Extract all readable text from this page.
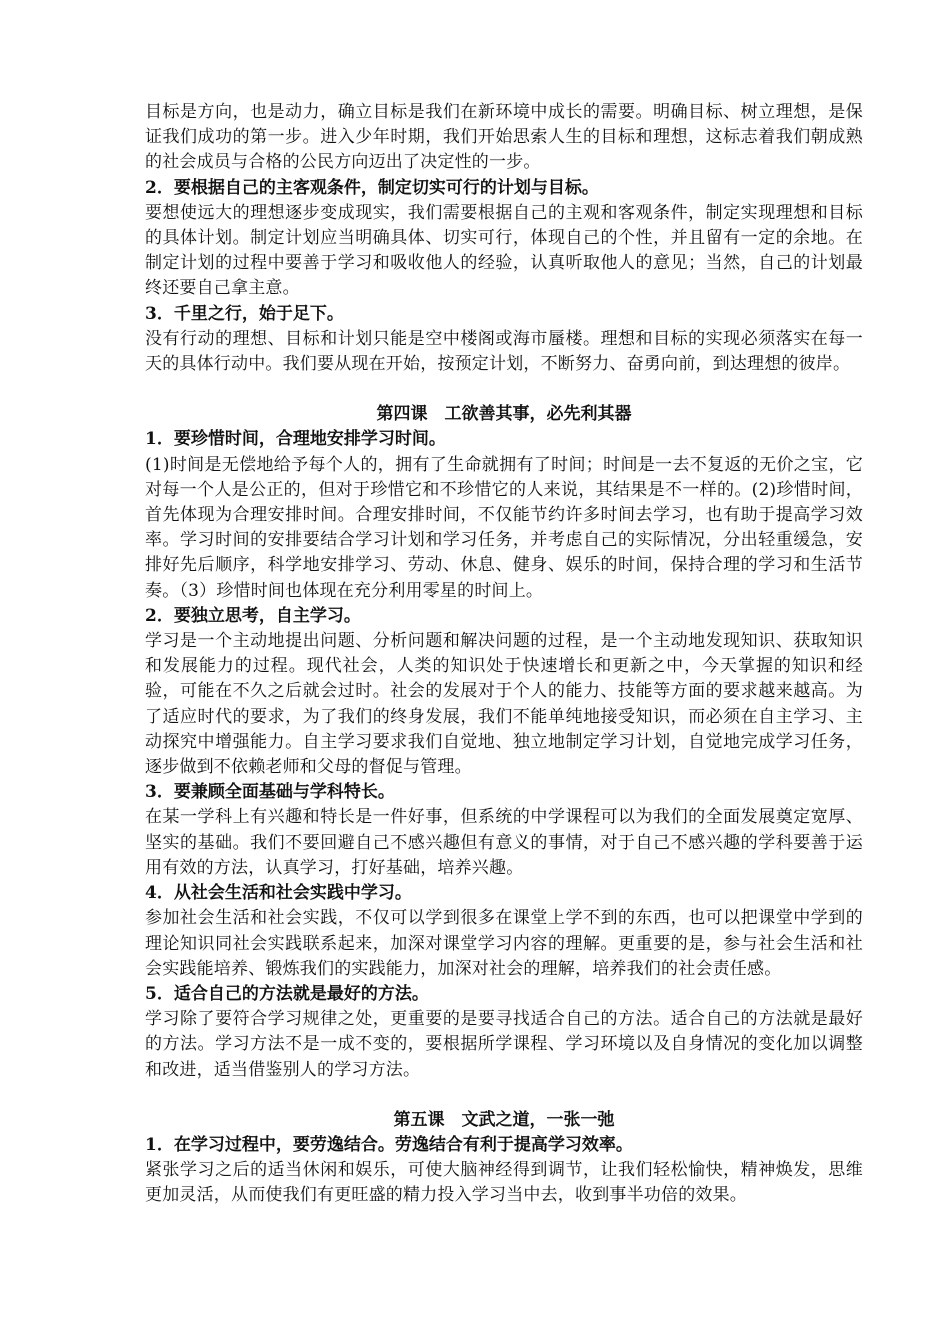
目标是方向，也是动力，确立目标是我们在新环境中成长的需要。明确目标、树立理想，是保证我们成功的第一步。进入少年时期，我们开始思索人生的目标和理想，这标志着我们朝成熟的社会成员与合格的公民方向迈出了决定性的一步。

2．要根据自己的主客观条件，制定切实可行的计划与目标。

要想使远大的理想逐步变成现实，我们需要根据自己的主观和客观条件，制定实现理想和目标的具体计划。制定计划应当明确具体、切实可行，体现自己的个性，并且留有一定的余地。在制定计划的过程中要善于学习和吸收他人的经验，认真听取他人的意见；当然，自己的计划最终还要自己拿主意。

3．千里之行，始于足下。

没有行动的理想、目标和计划只能是空中楼阁或海市蜃楼。理想和目标的实现必须落实在每一天的具体行动中。我们要从现在开始，按预定计划，不断努力、奋勇向前，到达理想的彼岸。

第四课　工欲善其事，必先利其器

1．要珍惜时间，合理地安排学习时间。

(1)时间是无偿地给予每个人的，拥有了生命就拥有了时间；时间是一去不复返的无价之宝，它对每一个人是公正的，但对于珍惜它和不珍惜它的人来说，其结果是不一样的。(2)珍惜时间，首先体现为合理安排时间。合理安排时间，不仅能节约许多时间去学习，也有助于提高学习效率。学习时间的安排要结合学习计划和学习任务，并考虑自己的实际情况，分出轻重缓急，安排好先后顺序，科学地安排学习、劳动、休息、健身、娱乐的时间，保持合理的学习和生活节奏。（3）珍惜时间也体现在充分利用零星的时间上。

2．要独立思考，自主学习。

学习是一个主动地提出问题、分析问题和解决问题的过程，是一个主动地发现知识、获取知识和发展能力的过程。现代社会，人类的知识处于快速增长和更新之中，今天掌握的知识和经验，可能在不久之后就会过时。社会的发展对于个人的能力、技能等方面的要求越来越高。为了适应时代的要求，为了我们的终身发展，我们不能单纯地接受知识，而必须在自主学习、主动探究中增强能力。自主学习要求我们自觉地、独立地制定学习计划，自觉地完成学习任务，逐步做到不依赖老师和父母的督促与管理。

3．要兼顾全面基础与学科特长。

在某一学科上有兴趣和特长是一件好事，但系统的中学课程可以为我们的全面发展奠定宽厚、坚实的基础。我们不要回避自己不感兴趣但有意义的事情，对于自己不感兴趣的学科要善于运用有效的方法，认真学习，打好基础，培养兴趣。

4．从社会生活和社会实践中学习。

参加社会生活和社会实践，不仅可以学到很多在课堂上学不到的东西，也可以把课堂中学到的理论知识同社会实践联系起来，加深对课堂学习内容的理解。更重要的是，参与社会生活和社会实践能培养、锻炼我们的实践能力，加深对社会的理解，培养我们的社会责任感。

5．适合自己的方法就是最好的方法。

学习除了要符合学习规律之处，更重要的是要寻找适合自己的方法。适合自己的方法就是最好的方法。学习方法不是一成不变的，要根据所学课程、学习环境以及自身情况的变化加以调整和改进，适当借鉴别人的学习方法。

第五课　文武之道，一张一弛

1．在学习过程中，要劳逸结合。劳逸结合有利于提高学习效率。

紧张学习之后的适当休闲和娱乐，可使大脑神经得到调节，让我们轻松愉快，精神焕发，思维更加灵活，从而使我们有更旺盛的精力投入学习当中去，收到事半功倍的效果。
